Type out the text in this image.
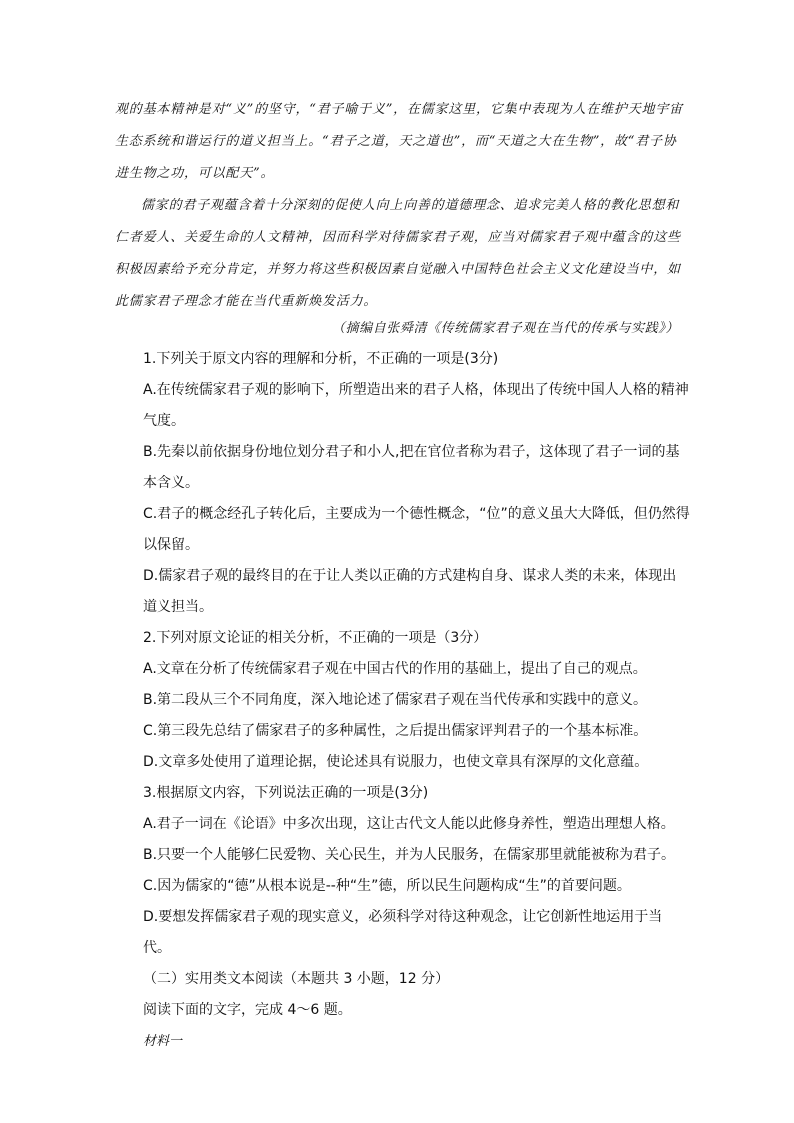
观的基本精神是对“义”的坚守，“君子喻于义”，在儒家这里，它集中表现为人在维护天地宇宙生态系统和谐运行的道义担当上。“君子之道，天之道也”，而“天道之大在生物”，故“君子协进生物之功，可以配天”。
儒家的君子观蕴含着十分深刻的促使人向上向善的道德理念、追求完美人格的教化思想和仁者爱人、关爱生命的人文精神，因而科学对待儒家君子观，应当对儒家君子观中蕴含的这些积极因素给予充分肯定，并努力将这些积极因素自觉融入中国特色社会主义文化建设当中，如此儒家君子理念才能在当代重新焕发活力。
（摘编自张舜清《传统儒家君子观在当代的传承与实践》）
1.下列关于原文内容的理解和分析，不正确的一项是(3分)
A.在传统儒家君子观的影响下，所塑造出来的君子人格，体现出了传统中国人人格的精神气度。
B.先秦以前依据身份地位划分君子和小人,把在官位者称为君子，这体现了君子一词的基本含义。
C.君子的概念经孔子转化后，主要成为一个德性概念，“位”的意义虽大大降低，但仍然得以保留。
D.儒家君子观的最终目的在于让人类以正确的方式建构自身、谋求人类的未来，体现出道义担当。
2.下列对原文论证的相关分析，不正确的一项是（3分）
A.文章在分析了传统儒家君子观在中国古代的作用的基础上，提出了自己的观点。
B.第二段从三个不同角度，深入地论述了儒家君子观在当代传承和实践中的意义。
C.第三段先总结了儒家君子的多种属性，之后提出儒家评判君子的一个基本标准。
D.文章多处使用了道理论据，使论述具有说服力，也使文章具有深厚的文化意蕴。
3.根据原文内容，下列说法正确的一项是(3分)
A.君子一词在《论语》中多次出现，这让古代文人能以此修身养性，塑造出理想人格。
B.只要一个人能够仁民爱物、关心民生，并为人民服务，在儒家那里就能被称为君子。
C.因为儒家的“德”从根本说是--种“生”德，所以民生问题构成“生”的首要问题。
D.要想发挥儒家君子观的现实意义，必须科学对待这种观念，让它创新性地运用于当代。
（二）实用类文本阅读（本题共 3 小题，12 分）
阅读下面的文字，完成 4～6 题。
材料一
